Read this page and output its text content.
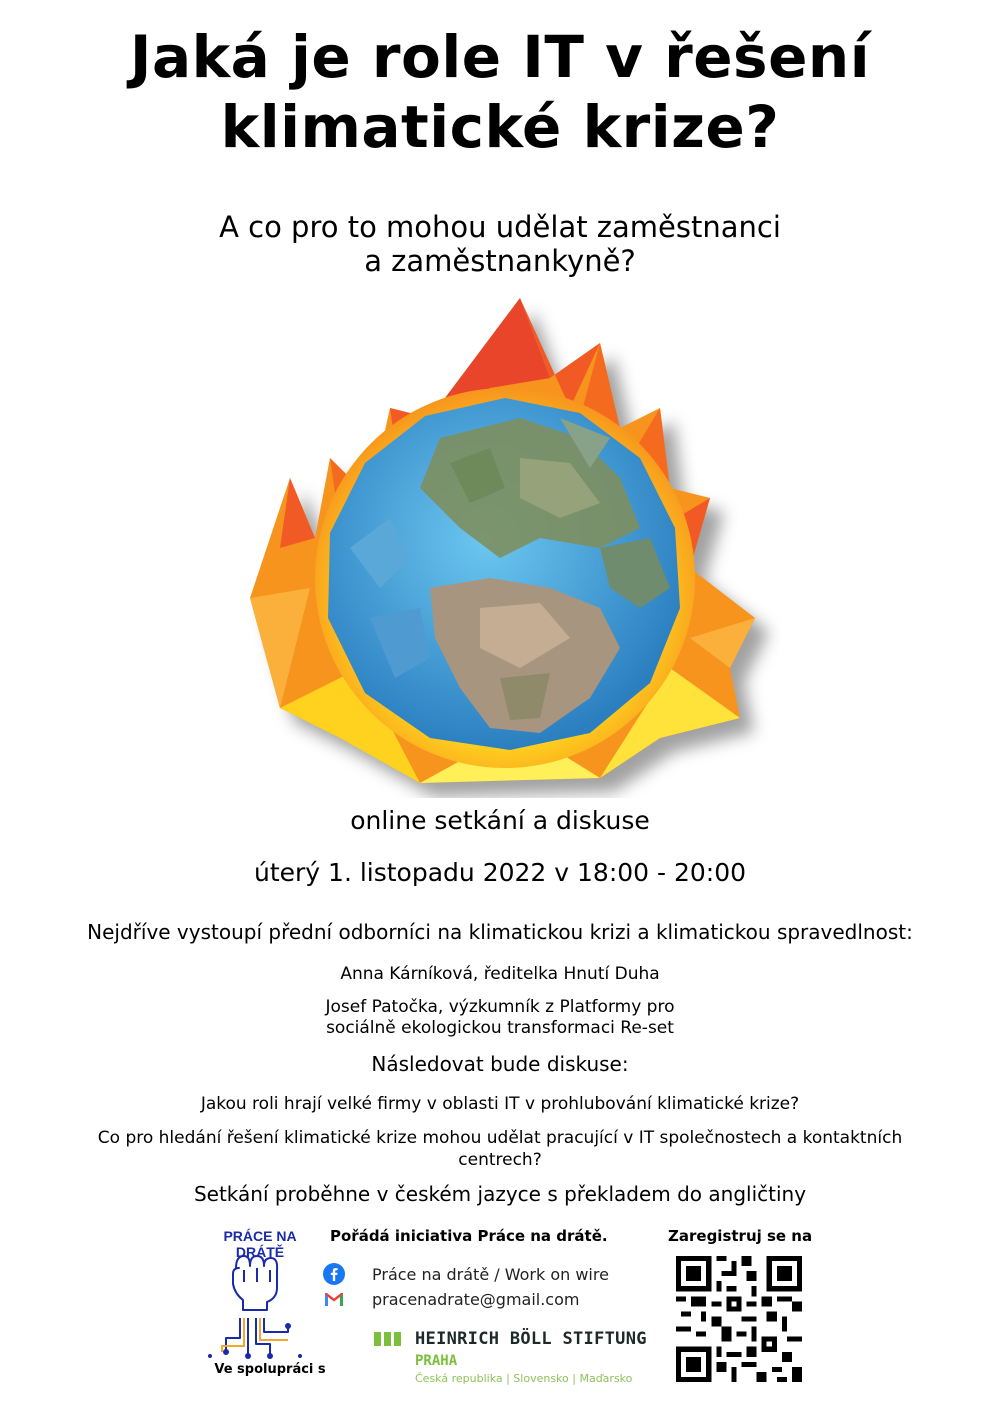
Jaká je role IT v řešení
klimatické krize?
A co pro to mohou udělat zaměstnanci
a zaměstnankyně?
online setkání a diskuse
úterý 1. listopadu 2022 v 18:00 - 20:00
Nejdříve vystoupí přední odborníci na klimatickou krizi a klimatickou spravedlnost:
Anna Kárníková, ředitelka Hnutí Duha
Josef Patočka, výzkumník z Platformy pro
sociálně ekologickou transformaci Re-set
Následovat bude diskuse:
Jakou roli hrají velké firmy v oblasti IT v prohlubování klimatické krize?
Co pro hledání řešení klimatické krize mohou udělat pracující v IT společnostech a kontaktních
centrech?
Setkání proběhne v českém jazyce s překladem do angličtiny
PRÁCE NA DRÁTĚ
Ve spolupráci s
Pořádá iniciativa Práce na drátě.
Práce na drátě / Work on wire
pracenadrate@gmail.com
HEINRICH BÖLL STIFTUNG
PRAHA
Česká republika | Slovensko | Maďarsko
Zaregistruj se na
